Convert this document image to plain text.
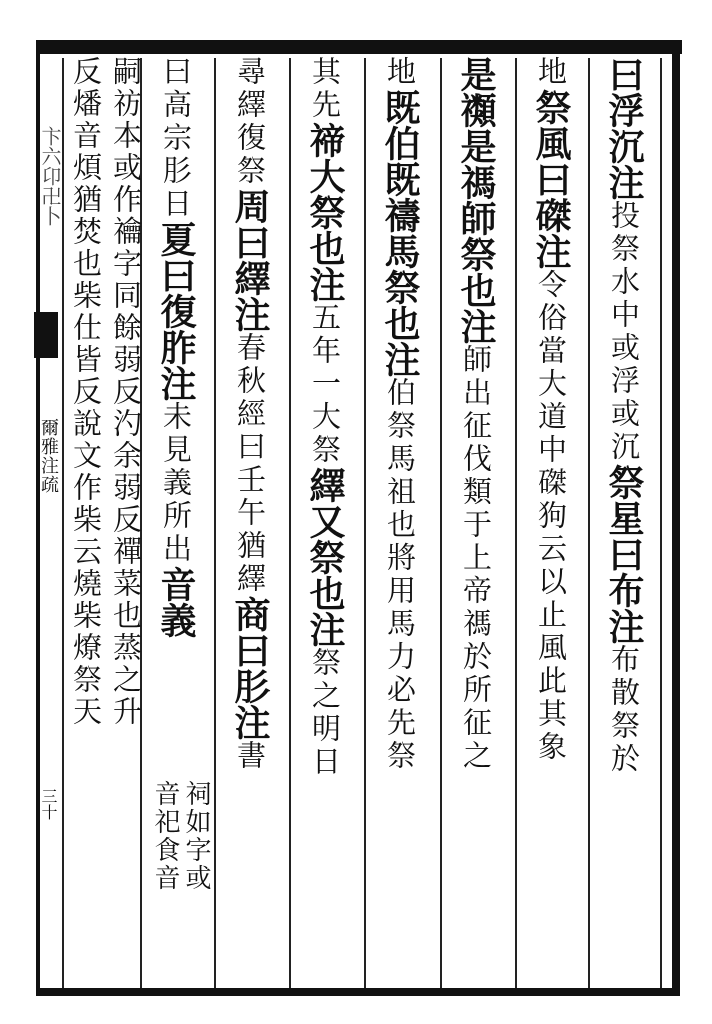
卞六卬卍卜
爾雅注疏
三十
曰浮沉注投祭水中或浮或沉祭星曰布注布散祭於
地祭風曰磔注令俗當大道中磔狗云以止風此其象
是禷是禡師祭也注師出征伐類于上帝禡於所征之
地既伯既禱馬祭也注伯祭馬祖也將用馬力必先祭
其先禘大祭也注五年一大祭繹又祭也注祭之明日
尋繹復祭周曰繹注春秋經曰壬午猶繹商曰肜注書
曰高宗肜日夏曰復胙注未見義所出音義
祠如字或
音祀食音
嗣祊本或作禴字同餘弱反汋余弱反禪菜也蒸之升
反燔音煩猶焚也柴仕皆反說文作柴云燒柴燎祭天
